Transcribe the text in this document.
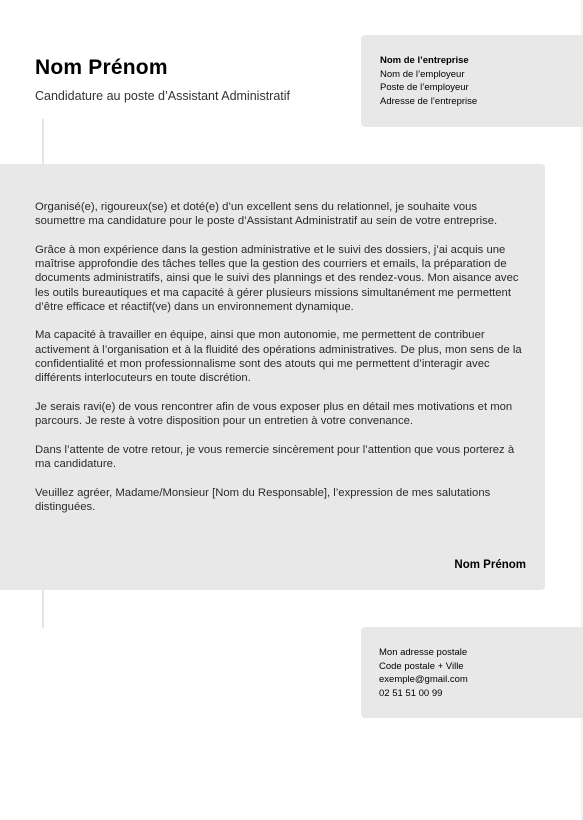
Nom Prénom

Candidature au poste d’Assistant Administratif

Nom de l’entreprise
Nom de l’employeur
Poste de l’employeur
Adresse de l’entreprise

Organisé(e), rigoureux(se) et doté(e) d’un excellent sens du relationnel, je souhaite vous soumettre ma candidature pour le poste d’Assistant Administratif au sein de votre entreprise.

Grâce à mon expérience dans la gestion administrative et le suivi des dossiers, j’ai acquis une maîtrise approfondie des tâches telles que la gestion des courriers et emails, la préparation de documents administratifs, ainsi que le suivi des plannings et des rendez-vous. Mon aisance avec les outils bureautiques et ma capacité à gérer plusieurs missions simultanément me permettent d’être efficace et réactif(ve) dans un environnement dynamique.

Ma capacité à travailler en équipe, ainsi que mon autonomie, me permettent de contribuer activement à l’organisation et à la fluidité des opérations administratives. De plus, mon sens de la confidentialité et mon professionnalisme sont des atouts qui me permettent d’interagir avec différents interlocuteurs en toute discrétion.

Je serais ravi(e) de vous rencontrer afin de vous exposer plus en détail mes motivations et mon parcours. Je reste à votre disposition pour un entretien à votre convenance.

Dans l’attente de votre retour, je vous remercie sincèrement pour l’attention que vous porterez à ma candidature.

Veuillez agréer, Madame/Monsieur [Nom du Responsable], l’expression de mes salutations distinguées.

Nom Prénom
Mon adresse postale
Code postale + Ville
exemple@gmail.com
02 51 51 00 99
